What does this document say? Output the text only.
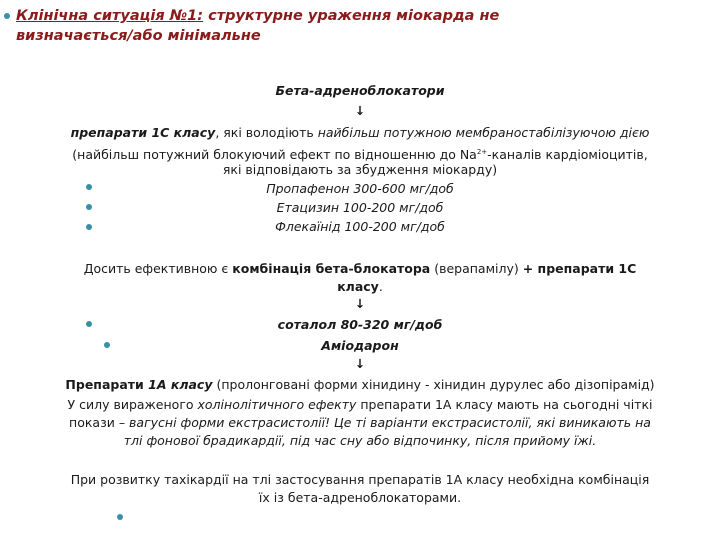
Клінічна ситуація №1: структурне ураження міокарда не
визначається/або мінімальне
Бета-адреноблокатори
↓
препарати 1С класу, які володіють найбільш потужною мембраностабілізуючою дією
(найбільш потужний блокуючий ефект по відношенню до $Na^{2+}$-каналів кардіоміоцитів,
які відповідають за збудження міокарду)
Пропафенон 300-600 мг/доб
Етацизин 100-200 мг/доб
Флекаїнід 100-200 мг/доб
Досить ефективною є комбінація бета-блокатора (верапамілу) + препарати 1С
класу.
↓
соталол 80-320 мг/доб
Аміодарон
↓
Препарати 1А класу (пролонговані форми хінидину - хінидин дурулес або дізопірамід)
У силу вираженого холінолітичного ефекту препарати 1А класу мають на сьогодні чіткі
покази – вагусні форми екстрасистолії! Це ті варіанти екстрасистолії, які виникають на
тлі фонової брадикардії, під час сну або відпочинку, після прийому їжі.
При розвитку тахікардії на тлі застосування препаратів 1А класу необхідна комбінація
їх із бета-адреноблокаторами.
